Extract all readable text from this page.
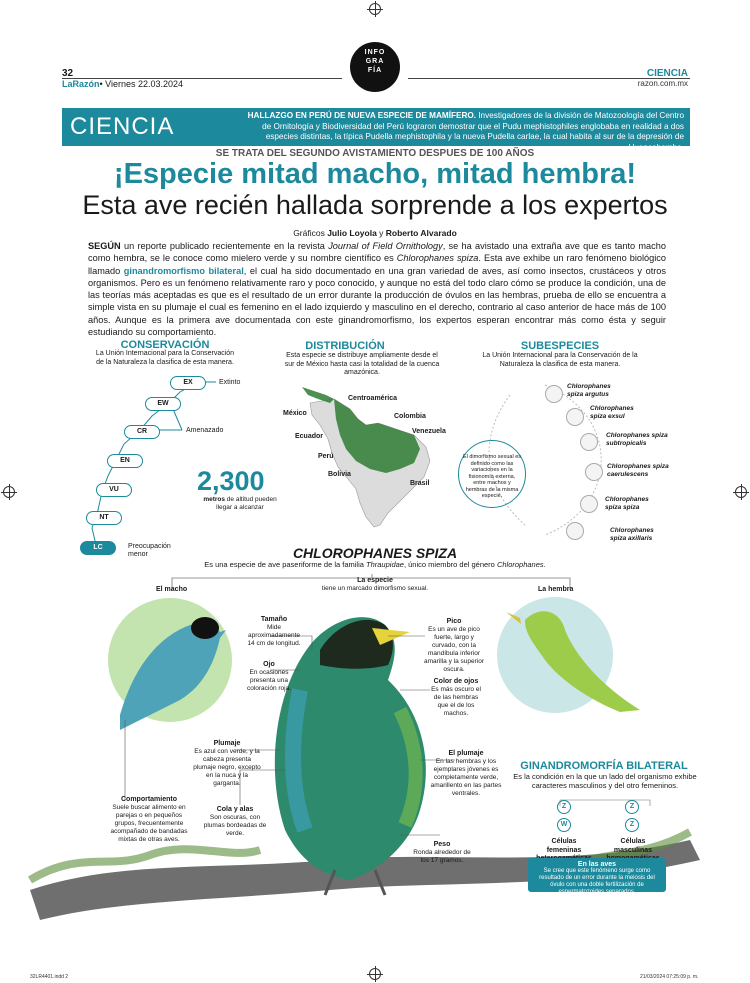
INFO
GRA
FÍA
32
LaRazón• Viernes 22.03.2024
CIENCIA
razon.com.mx
CIENCIA	HALLAZGO EN PERÚ DE NUEVA ESPECIE DE MAMÍFERO. Investigadores de la división de Matozoología del Centro de Ornitología y Biodiversidad del Perú lograron demostrar que el Pudu mephistophiles englobaba en realidad a dos especies distintas, la típica Pudella mephistophila y la nueva Pudella carlae, la cual habita al sur de la depresión de Huancabamba.
SE TRATA DEL SEGUNDO AVISTAMIENTO DESPUES DE 100 AÑOS
¡Especie mitad macho, mitad hembra!
Esta ave recién hallada sorprende a los expertos
Gráficos Julio Loyola y Roberto Alvarado
SEGÚN un reporte publicado recientemente en la revista Journal of Field Ornithology, se ha avistado una extraña ave que es tanto macho como hembra, se le conoce como mielero verde y su nombre científico es Chlorophanes spiza. Esta ave exhibe un raro fenómeno biológico llamado ginandromorfismo bilateral, el cual ha sido documentado en una gran variedad de aves, así como insectos, crustáceos y otros organismos. Pero es un fenómeno relativamente raro y poco conocido, y aunque no está del todo claro cómo se produce la condición, una de las teorías más aceptadas es que es el resultado de un error durante la producción de óvulos en las hembras, prueba de ello se encuentra a simple vista en su plumaje el cual es femenino en el lado izquierdo y masculino en el derecho, contrario al caso anterior de hace más de 100 años. Aunque es la primera ave documentada con este ginandromorfismo, los expertos esperan encontrar más como ésta y seguir estudiando su comportamiento.
CONSERVACIÓN
La Unión Internacional para la Conservación de la Naturaleza la clasifica de esta manera.
EX
EW
CR
EN
VU
NT
LC
Extinto
Amenazado
Preocupación menor
2,300
metros de altitud pueden llegar a alcanzar
DISTRIBUCIÓN
Esta especie se distribuye ampliamente desde el sur de México hasta casi la totalidad de la cuenca amazónica.
Centroamérica
México	Colombia
Venezuela
Ecuador
Perú
Bolivia
Brasil
SUBESPECIES
La Unión Internacional para la Conservación de la Naturaleza la clasifica de esta manera.
Chlorophanes spiza argutus
Chlorophanes spiza exsul
Chlorophanes spiza subtropicalis
Chlorophanes spiza caerulescens
Chlorophanes spiza spiza
Chlorophanes spiza axillaris
El dimorfismo sexual es definido como las variaciones en la fisionomía externa, entre machos y hembras de la misma especie.
CHLOROPHANES SPIZA
Es una especie de ave paseriforme de la familia Thraupidae, único miembro del género Chlorophanes.
El macho	La hembra
La especie
tiene un marcado dimorfismo sexual.
Tamaño
Mide aproximadamente 14 cm de longitud.
Ojo
En ocasiones presenta una coloración roja.
Pico
Es un ave de pico fuerte, largo y curvado, con la mandíbula inferior amarilla y la superior oscura.
Color de ojos
Es más oscuro el de las hembras que el de los machos.
Plumaje
Es azul con verde, y la cabeza presenta plumaje negro, excepto en la nuca y la garganta.
El plumaje
En las hembras y los ejemplares jóvenes es completamente verde, amarillento en las partes ventrales.
Comportamiento
Suele buscar alimento en parejas o en pequeños grupos, frecuentemente acompañado de bandadas mixtas de otras aves.
Cola y alas
Son oscuras, con plumas bordeadas de verde.
Peso
Ronda alrededor de los 17 gramos.
GINANDROMORFÍA BILATERAL
Es la condición en la que un lado del organismo exhibe caracteres masculinos y del otro femeninos.
Z
W
Z
Z
Células femeninas
Células masculinas
En las aves
Se cree que este fenómeno surge como resultado de un error durante la meiosis del óvulo con una doble fertilización de espermatozoides separados.
32LR4401.indd 2	21/03/2024 07:25:09 p. m.
